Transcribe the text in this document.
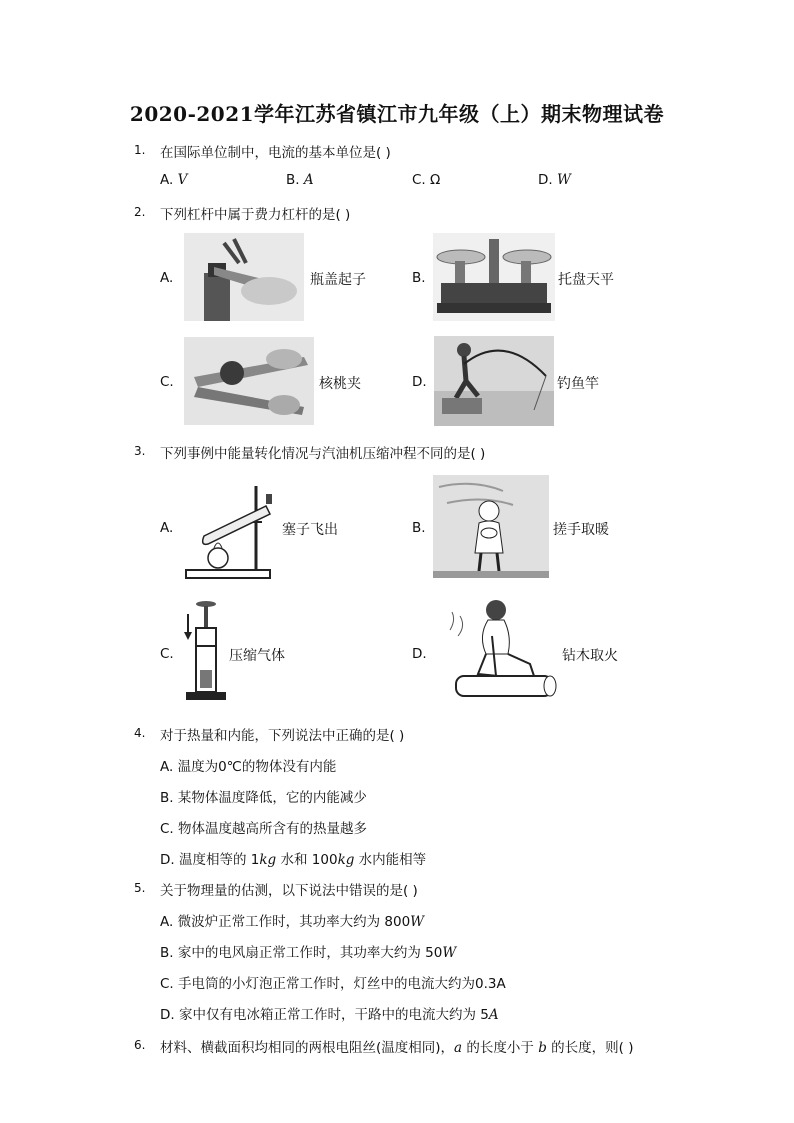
2020-2021学年江苏省镇江市九年级（上）期末物理试卷
1. 在国际单位制中，电流的基本单位是( )
A. V	B. A	C. Ω	D. W
2. 下列杠杆中属于费力杠杆的是( )
A.	瓶盖起子	B.	托盘天平
C.	核桃夹	D.	钓鱼竿
3. 下列事例中能量转化情况与汽油机压缩冲程不同的是( )
A.	塞子飞出	B.	搓手取暖
C.	压缩气体	D.	钻木取火
4. 对于热量和内能，下列说法中正确的是( )
A. 温度为0℃的物体没有内能
B. 某物体温度降低，它的内能减少
C. 物体温度越高所含有的热量越多
D. 温度相等的 1kg 水和 100kg 水内能相等
5. 关于物理量的估测，以下说法中错误的是( )
A. 微波炉正常工作时，其功率大约为 800W
B. 家中的电风扇正常工作时，其功率大约为 50W
C. 手电筒的小灯泡正常工作时，灯丝中的电流大约为0.3A
D. 家中仅有电冰箱正常工作时，干路中的电流大约为 5A
6. 材料、横截面积均相同的两根电阻丝(温度相同)，a 的长度小于 b 的长度，则( )
